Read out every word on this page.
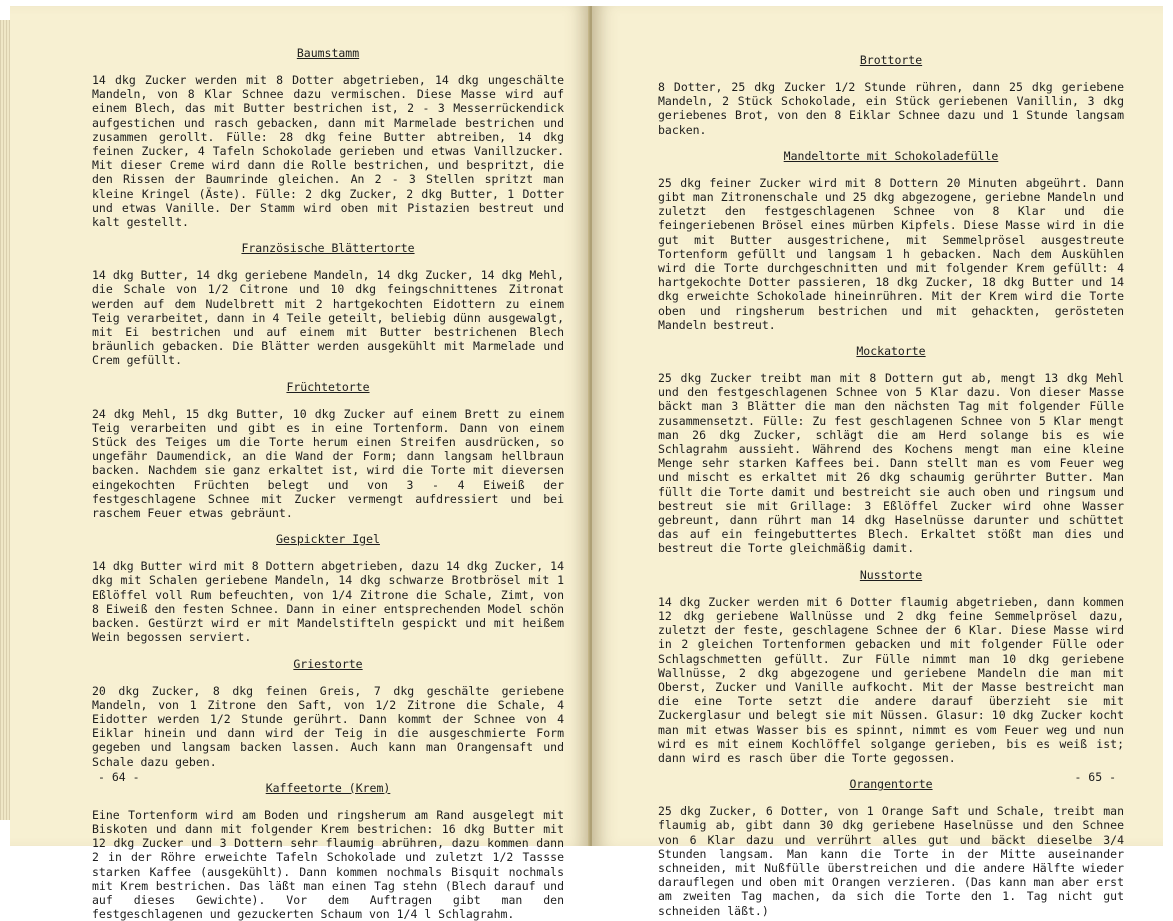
Baumstamm
14 dkg Zucker werden mit 8 Dotter abgetrieben, 14 dkg ungeschälte Mandeln, von 8 Klar Schnee dazu vermischen. Diese Masse wird auf einem Blech, das mit Butter bestrichen ist, 2 - 3 Messerrückendick aufgestichen und rasch gebacken, dann mit Marmelade bestrichen und zusammen gerollt. Fülle: 28 dkg feine Butter abtreiben, 14 dkg feinen Zucker, 4 Tafeln Schokolade gerieben und etwas Vanillzucker. Mit dieser Creme wird dann die Rolle bestrichen, und bespritzt, die den Rissen der Baumrinde gleichen. An 2 - 3 Stellen spritzt man kleine Kringel (Äste). Fülle: 2 dkg Zucker, 2 dkg Butter, 1 Dotter und etwas Vanille. Der Stamm wird oben mit Pistazien bestreut und kalt gestellt.
Französische Blättertorte
14 dkg Butter, 14 dkg geriebene Mandeln, 14 dkg Zucker, 14 dkg Mehl, die Schale von 1/2 Citrone und 10 dkg feingschnittenes Zitronat werden auf dem Nudelbrett mit 2 hartgekochten Eidottern zu einem Teig verarbeitet, dann in 4 Teile geteilt, beliebig dünn ausgewalgt, mit Ei bestrichen und auf einem mit Butter bestrichenen Blech bräunlich gebacken. Die Blätter werden ausgekühlt mit Marmelade und Crem gefüllt.
Früchtetorte
24 dkg Mehl, 15 dkg Butter, 10 dkg Zucker auf einem Brett zu einem Teig verarbeiten und gibt es in eine Tortenform. Dann von einem Stück des Teiges um die Torte herum einen Streifen ausdrücken, so ungefähr Daumendick, an die Wand der Form; dann langsam hellbraun backen. Nachdem sie ganz erkaltet ist, wird die Torte mit dieversen eingekochten Früchten belegt und von 3 - 4 Eiweiß der festgeschlagene Schnee mit Zucker vermengt aufdressiert und bei raschem Feuer etwas gebräunt.
Gespickter Igel
14 dkg Butter wird mit 8 Dottern abgetrieben, dazu 14 dkg Zucker, 14 dkg mit Schalen geriebene Mandeln, 14 dkg schwarze Brotbrösel mit 1 Eßlöffel voll Rum befeuchten, von 1/4 Zitrone die Schale, Zimt, von 8 Eiweiß den festen Schnee. Dann in einer entsprechenden Model schön backen. Gestürzt wird er mit Mandelstifteln gespickt und mit heißem Wein begossen serviert.
Griestorte
20 dkg Zucker, 8 dkg feinen Greis, 7 dkg geschälte geriebene Mandeln, von 1 Zitrone den Saft, von 1/2 Zitrone die Schale, 4 Eidotter werden 1/2 Stunde gerührt. Dann kommt der Schnee von 4 Eiklar hinein und dann wird der Teig in die ausgeschmierte Form gegeben und langsam backen lassen. Auch kann man Orangensaft und Schale dazu geben.
Kaffeetorte (Krem)
Eine Tortenform wird am Boden und ringsherum am Rand ausgelegt mit Biskoten und dann mit folgender Krem bestrichen: 16 dkg Butter mit 12 dkg Zucker und 3 Dottern sehr flaumig abrühren, dazu kommen dann 2 in der Röhre erweichte Tafeln Schokolade und zuletzt 1/2 Tassse starken Kaffee (ausgekühlt). Dann kommen nochmals Bisquit nochmals mit Krem bestrichen. Das läßt man einen Tag stehn (Blech darauf und auf dieses Gewichte). Vor dem Auftragen gibt man den festgeschlagenen und gezuckerten Schaum von 1/4 l Schlagrahm.
- 64 -
Brottorte
8 Dotter, 25 dkg Zucker 1/2 Stunde rühren, dann 25 dkg geriebene Mandeln, 2 Stück Schokolade, ein Stück geriebenen Vanillin, 3 dkg geriebenes Brot, von den 8 Eiklar Schnee dazu und 1 Stunde langsam backen.
Mandeltorte mit Schokoladefülle
25 dkg feiner Zucker wird mit 8 Dottern 20 Minuten abgeührt. Dann gibt man Zitronenschale und 25 dkg abgezogene, geriebne Mandeln und zuletzt den festgeschlagenen Schnee von 8 Klar und die feingeriebenen Brösel eines mürben Kipfels. Diese Masse wird in die gut mit Butter ausgestrichene, mit Semmelprösel ausgestreute Tortenform gefüllt und langsam 1 h gebacken. Nach dem Auskühlen wird die Torte durchgeschnitten und mit folgender Krem gefüllt: 4 hartgekochte Dotter passieren, 18 dkg Zucker, 18 dkg Butter und 14 dkg erweichte Schokolade hineinrühren. Mit der Krem wird die Torte oben und ringsherum bestrichen und mit gehackten, gerösteten Mandeln bestreut.
Mockatorte
25 dkg Zucker treibt man mit 8 Dottern gut ab, mengt 13 dkg Mehl und den festgeschlagenen Schnee von 5 Klar dazu. Von dieser Masse bäckt man 3 Blätter die man den nächsten Tag mit folgender Fülle zusammensetzt. Fülle: Zu fest geschlagenen Schnee von 5 Klar mengt man 26 dkg Zucker, schlägt die am Herd solange bis es wie Schlagrahm aussieht. Während des Kochens mengt man eine kleine Menge sehr starken Kaffees bei. Dann stellt man es vom Feuer weg und mischt es erkaltet mit 26 dkg schaumig gerührter Butter. Man füllt die Torte damit und bestreicht sie auch oben und ringsum und bestreut sie mit Grillage: 3 Eßlöffel Zucker wird ohne Wasser gebreunt, dann rührt man 14 dkg Haselnüsse darunter und schüttet das auf ein feingebuttertes Blech. Erkaltet stößt man dies und bestreut die Torte gleichmäßig damit.
Nusstorte
14 dkg Zucker werden mit 6 Dotter flaumig abgetrieben, dann kommen 12 dkg geriebene Wallnüsse und 2 dkg feine Semmelprösel dazu, zuletzt der feste, geschlagene Schnee der 6 Klar. Diese Masse wird in 2 gleichen Tortenformen gebacken und mit folgender Fülle oder Schlagschmetten gefüllt. Zur Fülle nimmt man 10 dkg geriebene Wallnüsse, 2 dkg abgezogene und geriebene Mandeln die man mit Oberst, Zucker und Vanille aufkocht. Mit der Masse bestreicht man die eine Torte setzt die andere darauf überzieht sie mit Zuckerglasur und belegt sie mit Nüssen. Glasur: 10 dkg Zucker kocht man mit etwas Wasser bis es spinnt, nimmt es vom Feuer weg und nun wird es mit einem Kochlöffel solgange gerieben, bis es weiß ist; dann wird es rasch über die Torte gegossen.
Orangentorte
25 dkg Zucker, 6 Dotter, von 1 Orange Saft und Schale, treibt man flaumig ab, gibt dann 30 dkg geriebene Haselnüsse und den Schnee von 6 Klar dazu und verrührt alles gut und bäckt dieselbe 3/4 Stunden langsam. Man kann die Torte in der Mitte auseinander schneiden, mit Nußfülle überstreichen und die andere Hälfte wieder darauflegen und oben mit Orangen verzieren. (Das kann man aber erst am zweiten Tag machen, da sich die Torte den 1. Tag nicht gut schneiden läßt.)
- 65 -
